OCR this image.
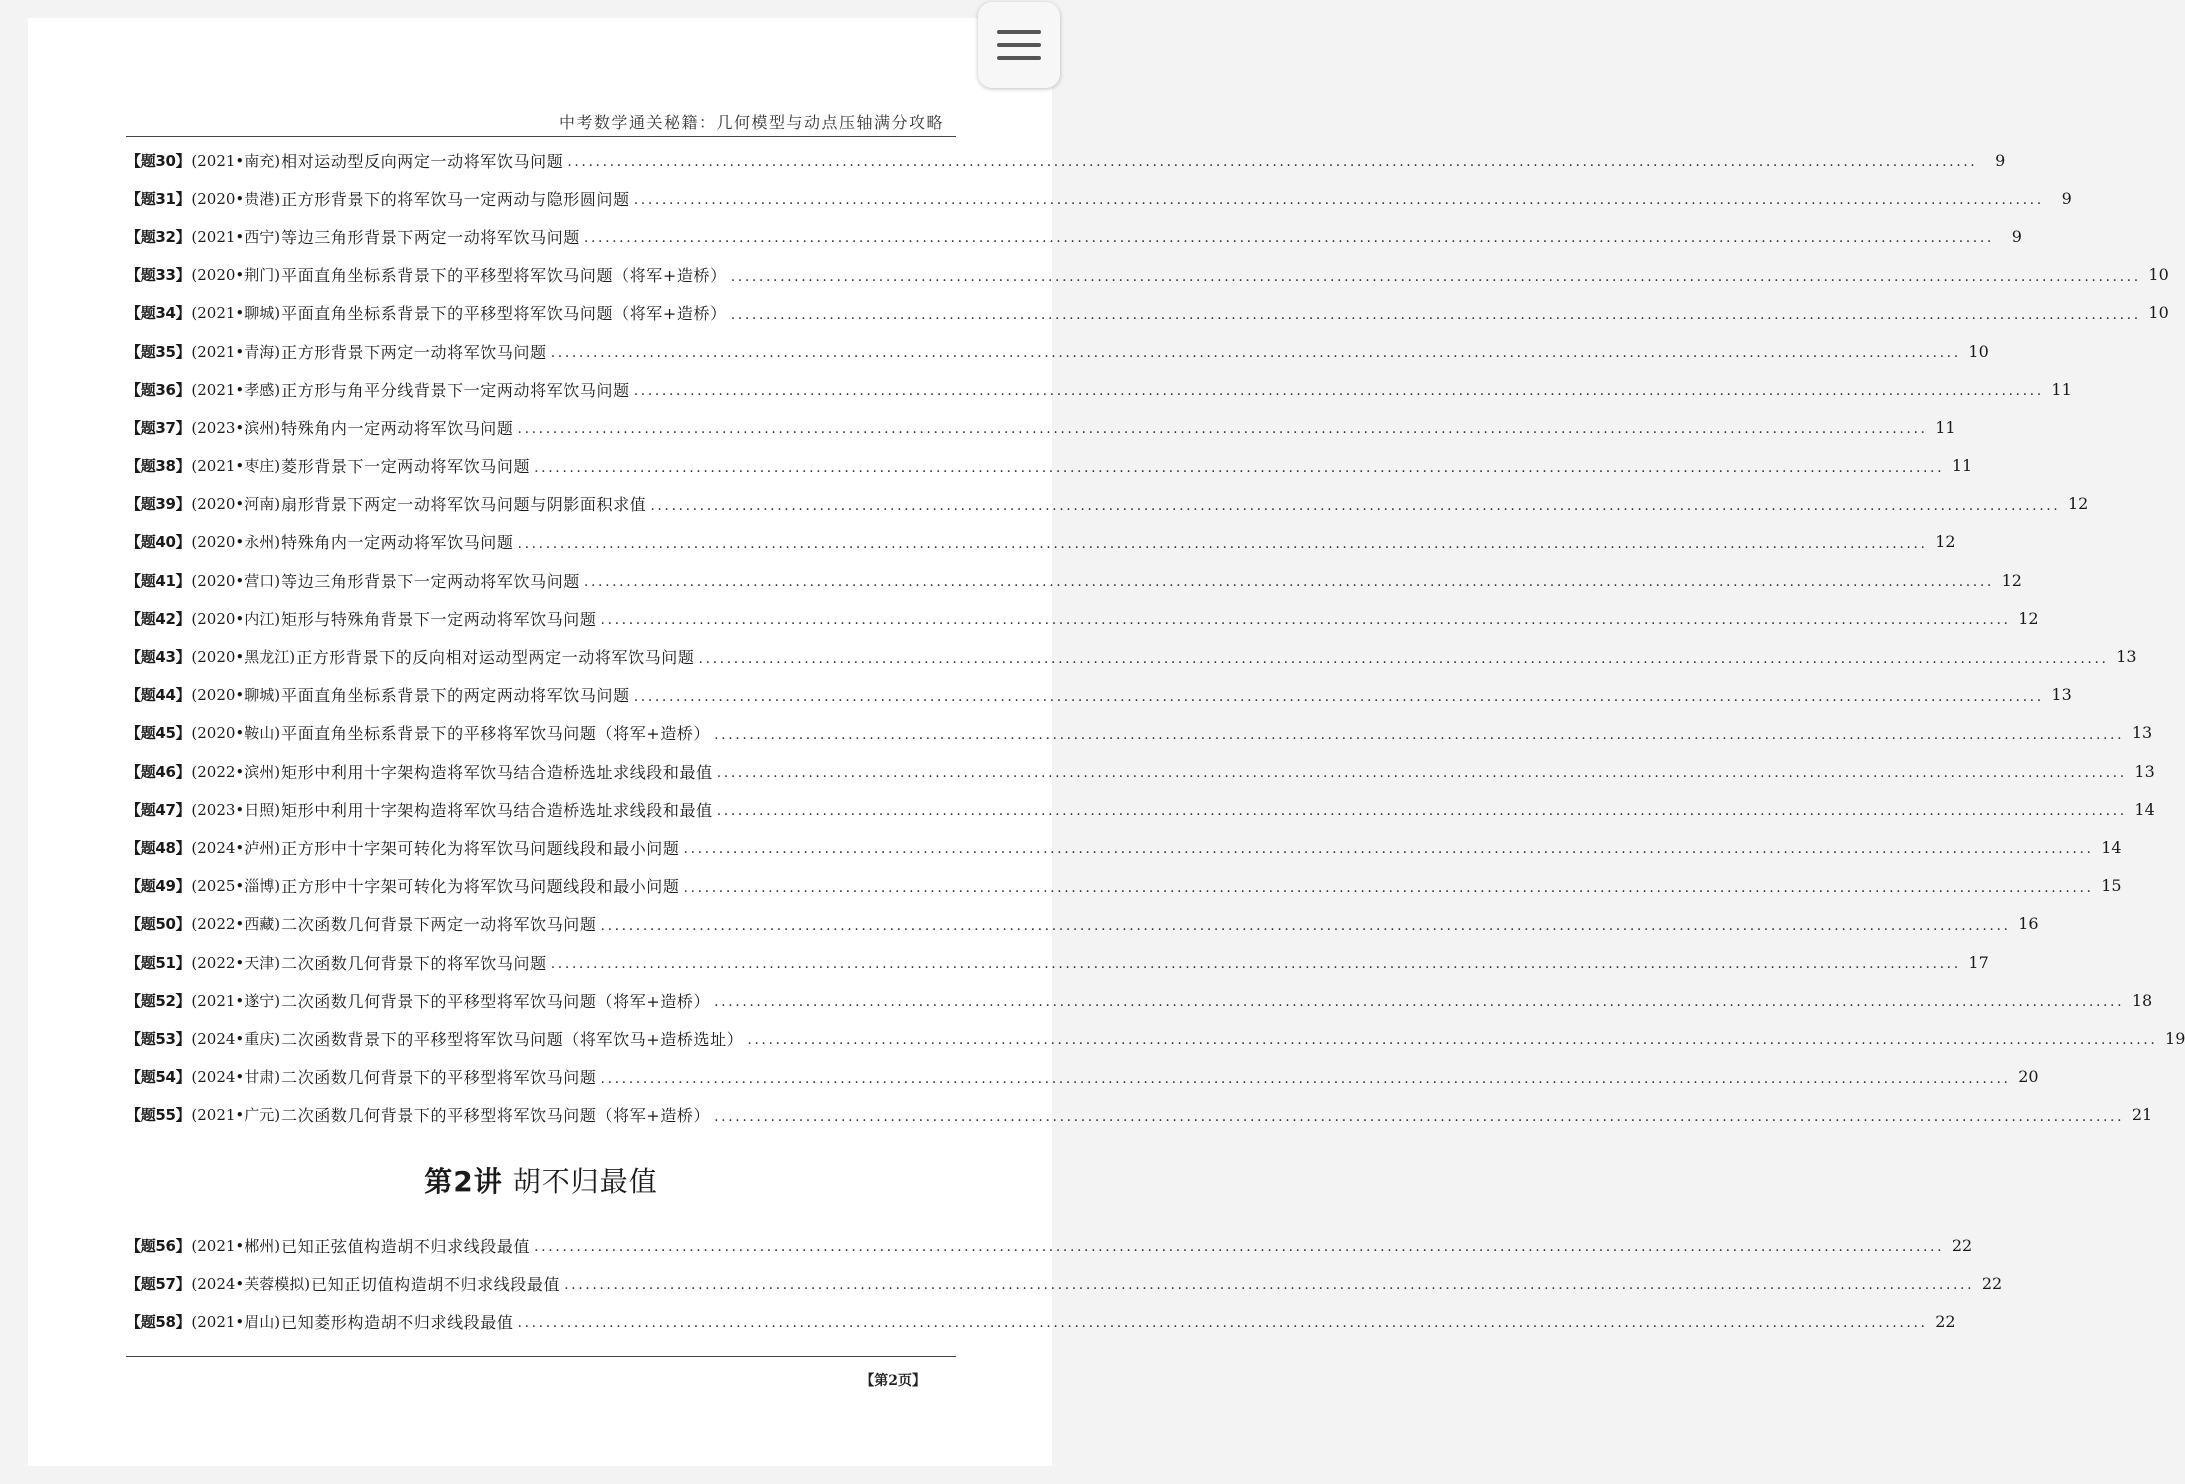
中考数学通关秘籍：几何模型与动点压轴满分攻略
【题30】 (2021•南充) 相对运动型反向两定一动将军饮马问题 ........................................................................................................................................................................................................	9
【题31】 (2020•贵港) 正方形背景下的将军饮马一定两动与隐形圆问题 ........................................................................................................................................................................................................	9
【题32】 (2021•西宁) 等边三角形背景下两定一动将军饮马问题 ........................................................................................................................................................................................................	9
【题33】 (2020•荆门) 平面直角坐标系背景下的平移型将军饮马问题（将军+造桥） ........................................................................................................................................................................................................ 10
【题34】 (2021•聊城) 平面直角坐标系背景下的平移型将军饮马问题（将军+造桥） ........................................................................................................................................................................................................ 10
【题35】 (2021•青海) 正方形背景下两定一动将军饮马问题 ........................................................................................................................................................................................................ 10
【题36】 (2021•孝感) 正方形与角平分线背景下一定两动将军饮马问题 ........................................................................................................................................................................................................ 11
【题37】 (2023•滨州) 特殊角内一定两动将军饮马问题 ........................................................................................................................................................................................................ 11
【题38】 (2021•枣庄) 菱形背景下一定两动将军饮马问题 ........................................................................................................................................................................................................ 11
【题39】 (2020•河南) 扇形背景下两定一动将军饮马问题与阴影面积求值 ........................................................................................................................................................................................................ 12
【题40】 (2020•永州) 特殊角内一定两动将军饮马问题 ........................................................................................................................................................................................................ 12
【题41】 (2020•营口) 等边三角形背景下一定两动将军饮马问题 ........................................................................................................................................................................................................ 12
【题42】 (2020•内江) 矩形与特殊角背景下一定两动将军饮马问题 ........................................................................................................................................................................................................ 12
【题43】 (2020•黑龙江) 正方形背景下的反向相对运动型两定一动将军饮马问题 ........................................................................................................................................................................................................ 13
【题44】 (2020•聊城) 平面直角坐标系背景下的两定两动将军饮马问题 ........................................................................................................................................................................................................ 13
【题45】 (2020•鞍山) 平面直角坐标系背景下的平移将军饮马问题（将军+造桥） ........................................................................................................................................................................................................ 13
【题46】 (2022•滨州) 矩形中利用十字架构造将军饮马结合造桥选址求线段和最值 ........................................................................................................................................................................................................ 13
【题47】 (2023•日照) 矩形中利用十字架构造将军饮马结合造桥选址求线段和最值 ........................................................................................................................................................................................................ 14
【题48】 (2024•泸州) 正方形中十字架可转化为将军饮马问题线段和最小问题 ........................................................................................................................................................................................................ 14
【题49】 (2025•淄博) 正方形中十字架可转化为将军饮马问题线段和最小问题 ........................................................................................................................................................................................................ 15
【题50】 (2022•西藏) 二次函数几何背景下两定一动将军饮马问题 ........................................................................................................................................................................................................ 16
【题51】 (2022•天津) 二次函数几何背景下的将军饮马问题 ........................................................................................................................................................................................................ 17
【题52】 (2021•遂宁) 二次函数几何背景下的平移型将军饮马问题（将军+造桥） ........................................................................................................................................................................................................ 18
【题53】 (2024•重庆) 二次函数背景下的平移型将军饮马问题（将军饮马+造桥选址） ........................................................................................................................................................................................................ 19
【题54】 (2024•甘肃) 二次函数几何背景下的平移型将军饮马问题 ........................................................................................................................................................................................................ 20
【题55】 (2021•广元) 二次函数几何背景下的平移型将军饮马问题（将军+造桥） ........................................................................................................................................................................................................ 21
第2讲 胡不归最值
【题56】 (2021•郴州) 已知正弦值构造胡不归求线段最值 ........................................................................................................................................................................................................ 22
【题57】 (2024•芙蓉模拟) 已知正切值构造胡不归求线段最值 ........................................................................................................................................................................................................ 22
【题58】 (2021•眉山) 已知菱形构造胡不归求线段最值 ........................................................................................................................................................................................................ 22
【第2页】
